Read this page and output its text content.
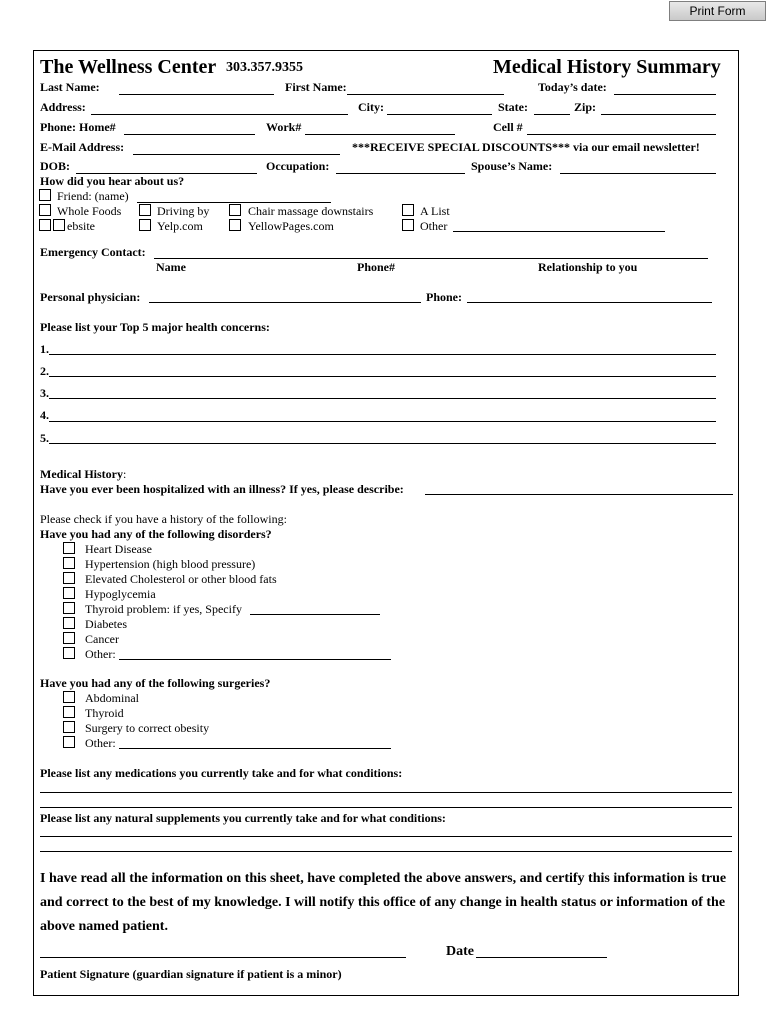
Print Form
The Wellness Center 303.357.9355	Medical History Summary
Last Name:	First Name:	Today’s date:
Address:	City:	State:	Zip:
Phone: Home#	Work#	Cell #
E-Mail Address:	***RECEIVE SPECIAL DISCOUNTS*** via our email newsletter!
DOB:	Occupation:	Spouse’s Name:
How did you hear about us?
Friend: (name)
Whole Foods	Driving by	Chair massage downstairs	A List
ebsite	Yelp.com	YellowPages.com	Other
Emergency Contact:
Name	Phone#	Relationship to you
Personal physician:	Phone:
Please list your Top 5 major health concerns:
1.
2.
3.
4.
5.
Medical History:
Have you ever been hospitalized with an illness? If yes, please describe:
Please check if you have a history of the following:
Have you had any of the following disorders?
Heart Disease
Hypertension (high blood pressure)
Elevated Cholesterol or other blood fats
Hypoglycemia
Thyroid problem: if yes, Specify
Diabetes
Cancer
Other:
Have you had any of the following surgeries?
Abdominal
Thyroid
Surgery to correct obesity
Other:
Please list any medications you currently take and for what conditions:
Please list any natural supplements you currently take and for what conditions:
I have read all the information on this sheet, have completed the above answers, and certify this information is true
and correct to the best of my knowledge. I will notify this office of any change in health status or information of the
above named patient.
Date
Patient Signature (guardian signature if patient is a minor)
